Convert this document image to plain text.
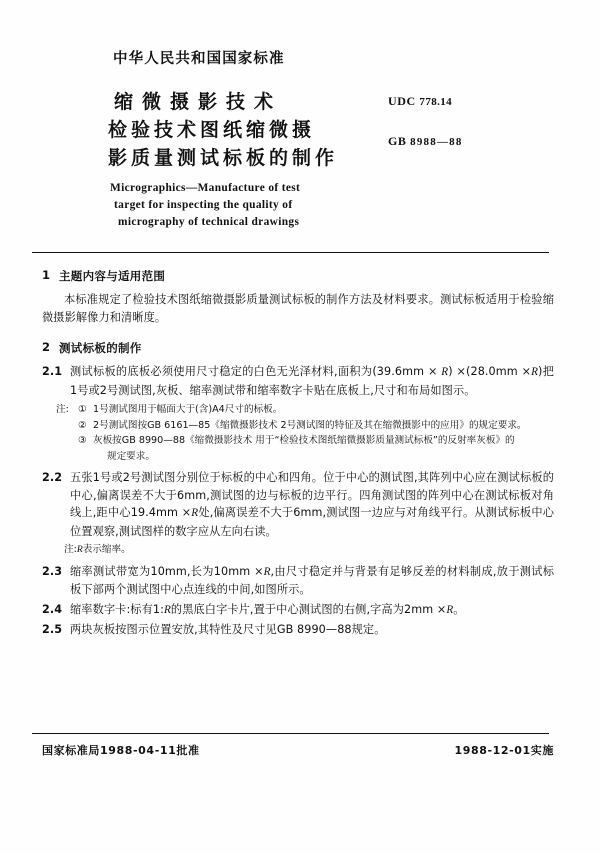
中华人民共和国国家标准
缩微摄影技术
检验技术图纸缩微摄
影质量测试标板的制作
UDC 778.14
GB 8988—88
Micrographics—Manufacture of test
target for inspecting the quality of
micrography of technical drawings
1 主题内容与适用范围

本标准规定了检验技术图纸缩微摄影质量测试标板的制作方法及材料要求。测试标板适用于检验缩微摄影解像力和清晰度。

2 测试标板的制作
2.1 测试标板的底板必须使用尺寸稳定的白色无光泽材料,面积为(39.6mm × R) ×(28.0mm ×R)把1号或2号测试图,灰板、缩率测试带和缩率数字卡贴在底板上,尺寸和布局如图示。
注: ① 1号测试图用于幅面大于(含)A4尺寸的标板。
② 2号测试图按GB 6161—85《缩微摄影技术 2号测试图的特征及其在缩微摄影中的应用》的规定要求。
③ 灰板按GB 8990—88《缩微摄影技术 用于“检验技术图纸缩微摄影质量测试标板”的反射率灰板》的
规定要求。
2.2 五张1号或2号测试图分别位于标板的中心和四角。位于中心的测试图,其阵列中心应在测试标板的中心,偏离误差不大于6mm,测试图的边与标板的边平行。四角测试图的阵列中心在测试标板对角线上,距中心19.4mm ×R处,偏离误差不大于6mm,测试图一边应与对角线平行。从测试标板中心位置观察,测试图样的数字应从左向右读。
注:R表示缩率。
2.3 缩率测试带宽为10mm,长为10mm ×R,由尺寸稳定并与背景有足够反差的材料制成,放于测试标板下部两个测试图中心点连线的中间,如图所示。
2.4 缩率数字卡:标有1:R的黑底白字卡片,置于中心测试图的右侧,字高为2mm ×R。
2.5 两块灰板按图示位置安放,其特性及尺寸见GB 8990—88规定。
国家标准局1988-04-11批准	1988-12-01实施
